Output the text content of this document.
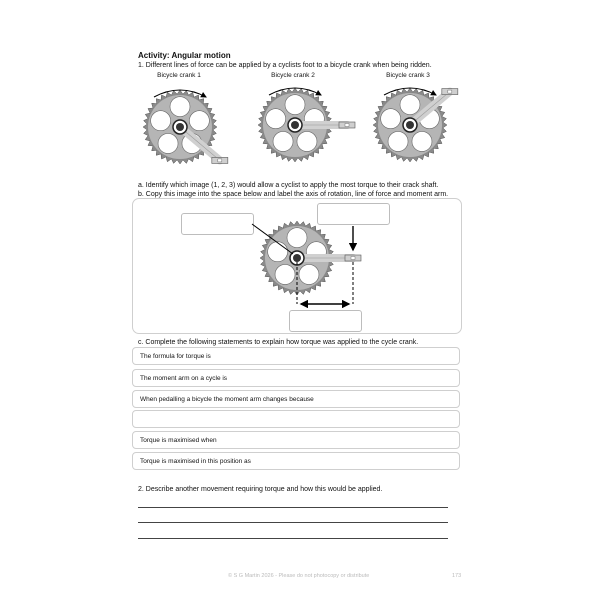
Activity: Angular motion
1. Different lines of force can be applied by a cyclists foot to a bicycle crank when being ridden.
Bicycle crank 1	Bicycle crank 2	Bicycle crank 3
a. Identify which image (1, 2, 3) would allow a cyclist to apply the most torque to their crack shaft.
b. Copy this image into the space below and label the axis of rotation, line of force and moment arm.
c. Complete the following statements to explain how torque was applied to the cycle crank.
The formula for torque is
The moment arm on a cycle is
When pedalling a bicycle the moment arm changes because
Torque is maximised when
Torque is maximised in this position as
2. Describe another movement requiring torque and how this would be applied.
© S G Martin 2026 - Please do not photocopy or distribute	173
